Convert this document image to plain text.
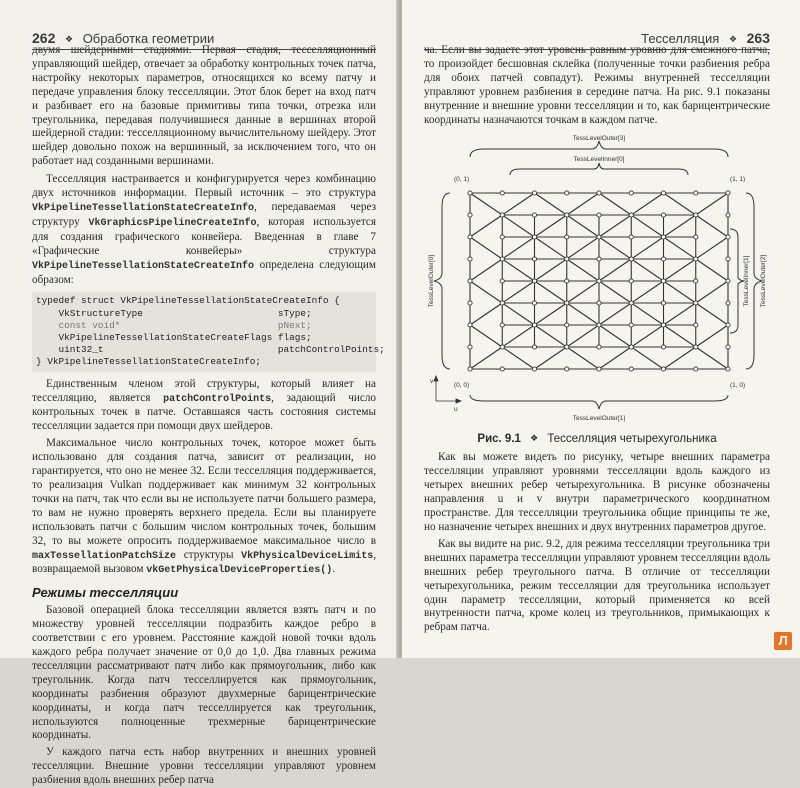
262 ❖ Обработка геометрии

двумя шейдерными стадиями. Первая стадия, тесселляционный управляющий шейдер, отвечает за обработку контрольных точек патча, настройку некоторых параметров, относящихся ко всему патчу и передаче управления блоку тесселляции. Этот блок берет на вход патч и разбивает его на базовые примитивы типа точки, отрезка или треугольника, передавая получившиеся данные в вершинах второй шейдерной стадии: тесселляционному вычислительному шейдеру. Этот шейдер довольно похож на вершинный, за исключением того, что он работает над созданными вершинами.

Тесселляция настраивается и конфигурируется через комбинацию двух источников информации. Первый источник – это структура VkPipelineTessellationStateCreateInfo, передаваемая через структуру VkGraphicsPipelineCreateInfo, которая используется для создания графического конвейера. Введенная в главе 7 «Графические конвейеры» структура VkPipelineTessellationStateCreateInfo определена следующим образом:

typedef struct VkPipelineTessellationStateCreateInfo {
VkStructureType                        sType;
const void*                            pNext;
VkPipelineTessellationStateCreateFlags flags;
uint32_t                               patchControlPoints;
} VkPipelineTessellationStateCreateInfo;

Единственным членом этой структуры, который влияет на тесселляцию, является patchControlPoints, задающий число контрольных точек в патче. Оставшаяся часть состояния системы тесселляции задается при помощи двух шейдеров.

Максимальное число контрольных точек, которое может быть использовано для создания патча, зависит от реализации, но гарантируется, что оно не менее 32. Если тесселляция поддерживается, то реализация Vulkan поддерживает как минимум 32 контрольных точки на патч, так что если вы не используете патчи большего размера, то вам не нужно проверять верхнего предела. Если вы планируете использовать патчи с большим числом контрольных точек, большим 32, то вы можете опросить поддерживаемое максимальное число в maxTessellationPatchSize структуры VkPhysicalDeviceLimits, возвращаемой вызовом vkGetPhysicalDeviceProperties().

Режимы тесселляции

Базовой операцией блока тесселляции является взять патч и по множеству уровней тесселляции подразбить каждое ребро в соответствии с его уровнем. Расстояние каждой новой точки вдоль каждого ребра получает значение от 0,0 до 1,0. Два главных режима тесселляции рассматривают патч либо как прямоугольник, либо как треугольник. Когда патч тесселлируется как прямоугольник, координаты разбиения образуют двухмерные барицентрические координаты, и когда патч тесселлируется как треугольник, используются полноценные трехмерные барицентрические координаты.

У каждого патча есть набор внутренних и внешних уровней тесселляции. Внешние уровни тесселляции управляют уровнем разбиения вдоль внешних ребер патча

Тесселляция ❖ 263

ча. Если вы задаете этот уровень равным уровню для смежного патча, то произойдет бесшовная склейка (полученные точки разбиения ребра для обоих патчей совпадут). Режимы внутренней тесселляции управляют уровнем разбиения в середине патча. На рис. 9.1 показаны внутренние и внешние уровни тесселляции и то, как барицентрические координаты назначаются точкам в каждом патче.

TessLevelOuter[3]
TessLevelInner[0]
TessLevelOuter[0]	TessLevelInner[1] TessLevelOuter[2]
TessLevelOuter[1]
(0, 1)	(1, 1)
(0, 0)	(1, 0)
v
u
Рис. 9.1 ❖ Тесселляция четырехугольника

Как вы можете видеть по рисунку, четыре внешних параметра тесселляции управляют уровнями тесселляции вдоль каждого из четырех внешних ребер четырехугольника. В рисунке обозначены направления u и v внутри параметрического координатном пространстве. Для тесселляции треугольника общие принципы те же, но назначение четырех внешних и двух внутренних параметров другое.

Как вы видите на рис. 9.2, для режима тесселляции треугольника три внешних параметра тесселляции управляют уровнем тесселляции вдоль внешних ребер треугольного патча. В отличие от тесселляции четырехугольника, режим тесселляции для треугольника использует один параметр тесселляции, который применяется ко всей внутренности патча, кроме колец из треугольников, примыкающих к ребрам патча.

Л
